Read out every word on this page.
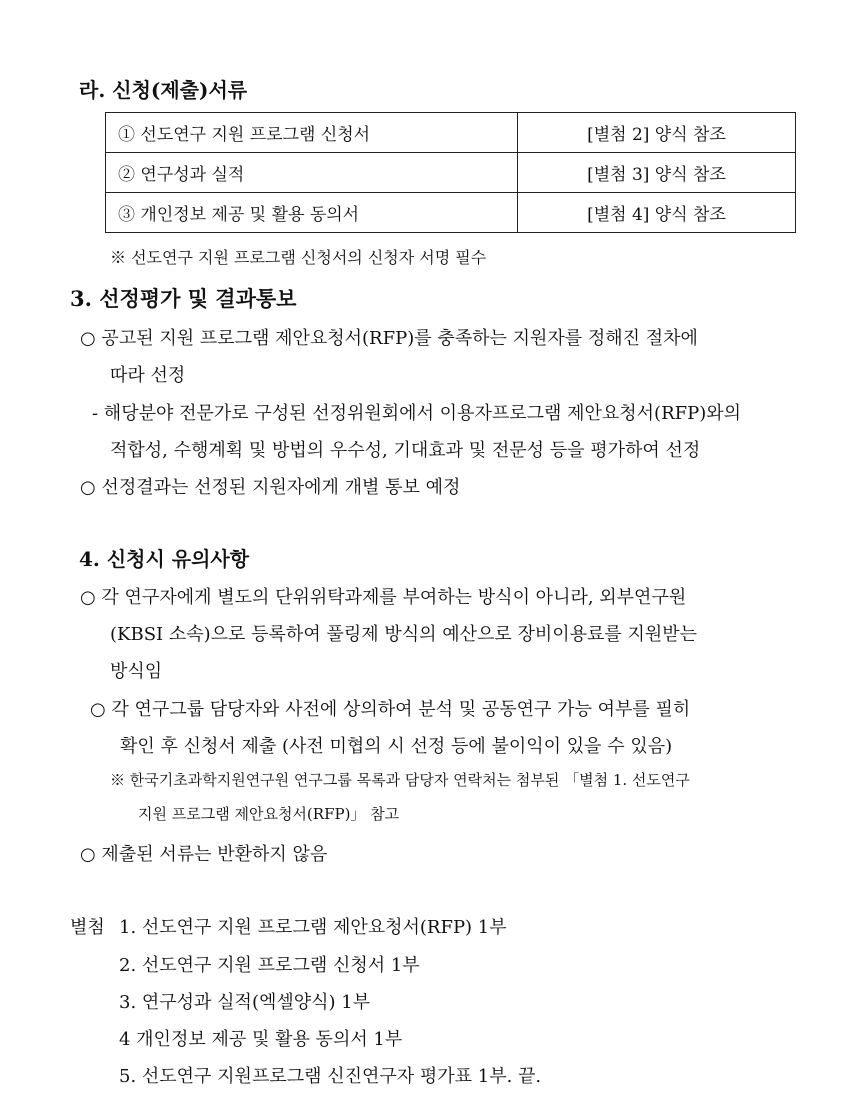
라. 신청(제출)서류
① 선도연구 지원 프로그램 신청서	[별첨 2] 양식 참조
② 연구성과 실적	[별첨 3] 양식 참조
③ 개인정보 제공 및 활용 동의서	[별첨 4] 양식 참조
※ 선도연구 지원 프로그램 신청서의 신청자 서명 필수
3. 선정평가 및 결과통보
○ 공고된 지원 프로그램 제안요청서(RFP)를 충족하는 지원자를 정해진 절차에
따라 선정
- 해당분야 전문가로 구성된 선정위원회에서 이용자프로그램 제안요청서(RFP)와의
적합성, 수행계획 및 방법의 우수성, 기대효과 및 전문성 등을 평가하여 선정
○ 선정결과는 선정된 지원자에게 개별 통보 예정
4. 신청시 유의사항
○ 각 연구자에게 별도의 단위위탁과제를 부여하는 방식이 아니라, 외부연구원
(KBSI 소속)으로 등록하여 풀링제 방식의 예산으로 장비이용료를 지원받는
방식임
○ 각 연구그룹 담당자와 사전에 상의하여 분석 및 공동연구 가능 여부를 필히
확인 후 신청서 제출 (사전 미협의 시 선정 등에 불이익이 있을 수 있음)
※ 한국기초과학지원연구원 연구그룹 목록과 담당자 연락처는 첨부된 「별첨 1. 선도연구
지원 프로그램 제안요청서(RFP)」 참고
○ 제출된 서류는 반환하지 않음
별첨 1. 선도연구 지원 프로그램 제안요청서(RFP) 1부
2. 선도연구 지원 프로그램 신청서 1부
3. 연구성과 실적(엑셀양식) 1부
4 개인정보 제공 및 활용 동의서 1부
5. 선도연구 지원프로그램 신진연구자 평가표 1부. 끝.
